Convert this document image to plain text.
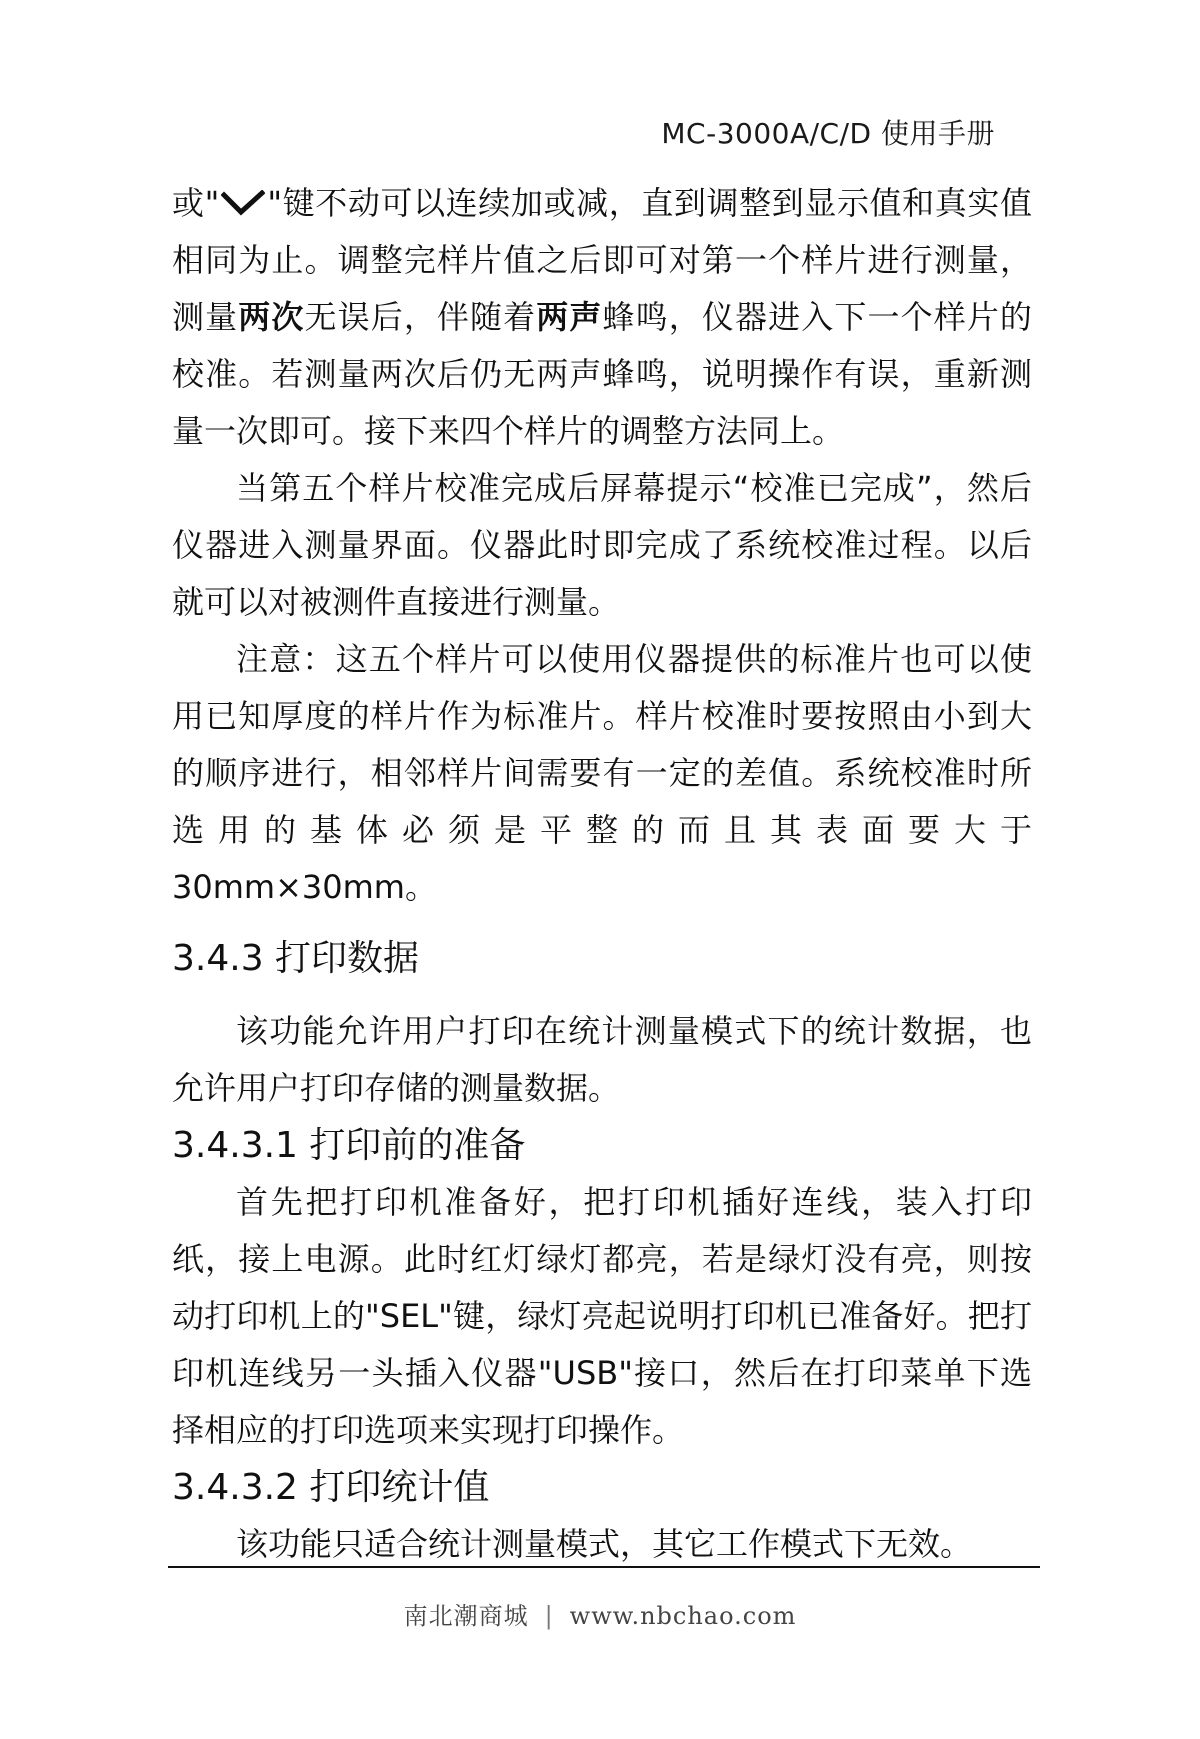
MC-3000A/C/D 使用手册

或" "键不动可以连续加或减，直到调整到显示值和真实值相同为止。调整完样片值之后即可对第一个样片进行测量，测量两次无误后，伴随着两声蜂鸣，仪器进入下一个样片的校准。若测量两次后仍无两声蜂鸣，说明操作有误，重新测量一次即可。接下来四个样片的调整方法同上。

当第五个样片校准完成后屏幕提示“校准已完成”，然后仪器进入测量界面。仪器此时即完成了系统校准过程。以后就可以对被测件直接进行测量。

注意：这五个样片可以使用仪器提供的标准片也可以使用已知厚度的样片作为标准片。样片校准时要按照由小到大的顺序进行，相邻样片间需要有一定的差值。系统校准时所选用的基体必须是平整的而且其表面要大于 30mm×30mm。

3.4.3 打印数据

该功能允许用户打印在统计测量模式下的统计数据，也允许用户打印存储的测量数据。

3.4.3.1 打印前的准备

首先把打印机准备好，把打印机插好连线，装入打印纸，接上电源。此时红灯绿灯都亮，若是绿灯没有亮，则按动打印机上的"SEL"键，绿灯亮起说明打印机已准备好。把打印机连线另一头插入仪器"USB"接口，然后在打印菜单下选择相应的打印选项来实现打印操作。

3.4.3.2 打印统计值

该功能只适合统计测量模式，其它工作模式下无效。

南北潮商城 | www.nbchao.com
